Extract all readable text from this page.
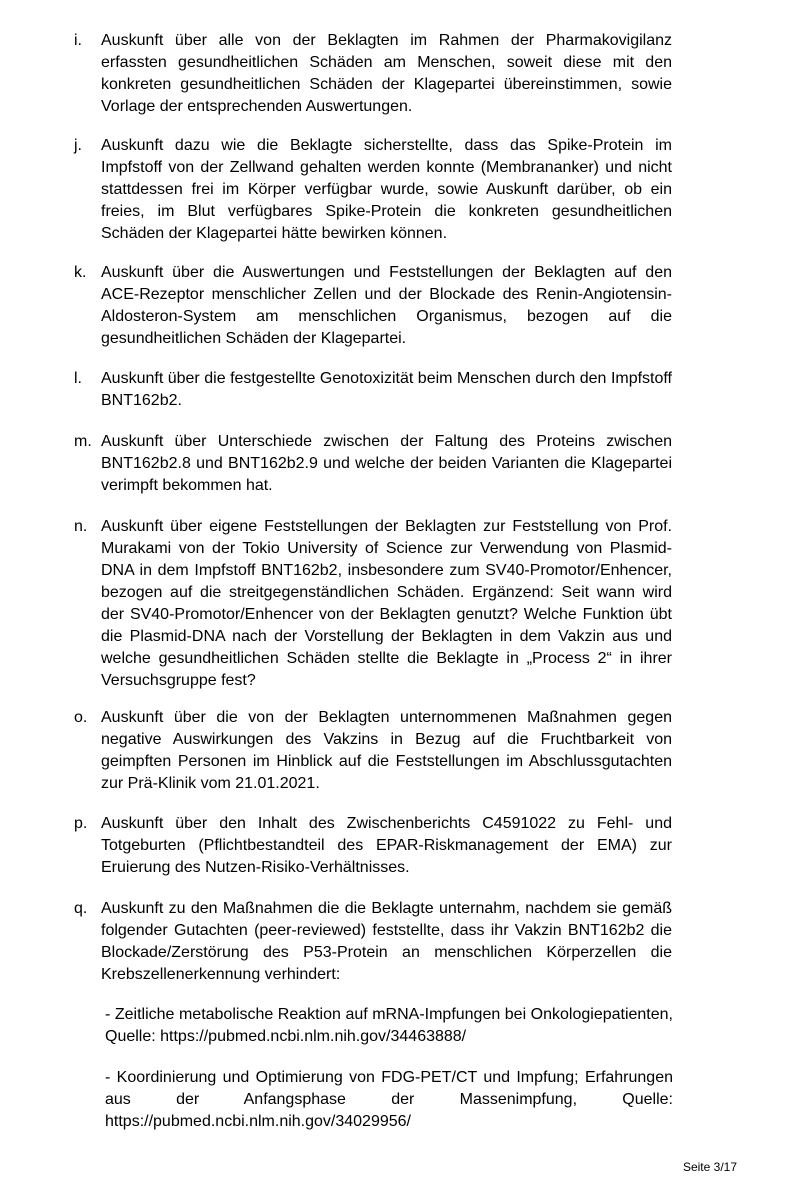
i. Auskunft über alle von der Beklagten im Rahmen der Pharmakovigilanz erfassten gesundheitlichen Schäden am Menschen, soweit diese mit den konkreten gesundheitlichen Schäden der Klagepartei übereinstimmen, sowie Vorlage der entsprechenden Auswertungen.
j. Auskunft dazu wie die Beklagte sicherstellte, dass das Spike-Protein im Impfstoff von der Zellwand gehalten werden konnte (Membrananker) und nicht stattdessen frei im Körper verfügbar wurde, sowie Auskunft darüber, ob ein freies, im Blut verfügbares Spike-Protein die konkreten gesundheitlichen Schäden der Klagepartei hätte bewirken können.
k. Auskunft über die Auswertungen und Feststellungen der Beklagten auf den ACE-Rezeptor menschlicher Zellen und der Blockade des Renin-Angiotensin-Aldosteron-System am menschlichen Organismus, bezogen auf die gesundheitlichen Schäden der Klagepartei.
l. Auskunft über die festgestellte Genotoxizität beim Menschen durch den Impfstoff BNT162b2.
m. Auskunft über Unterschiede zwischen der Faltung des Proteins zwischen BNT162b2.8 und BNT162b2.9 und welche der beiden Varianten die Klagepartei verimpft bekommen hat.
n. Auskunft über eigene Feststellungen der Beklagten zur Feststellung von Prof. Murakami von der Tokio University of Science zur Verwendung von Plasmid-DNA in dem Impfstoff BNT162b2, insbesondere zum SV40-Promotor/Enhencer, bezogen auf die streitgegenständlichen Schäden. Ergänzend: Seit wann wird der SV40-Promotor/Enhencer von der Beklagten genutzt? Welche Funktion übt die Plasmid-DNA nach der Vorstellung der Beklagten in dem Vakzin aus und welche gesundheitlichen Schäden stellte die Beklagte in „Process 2“ in ihrer Versuchsgruppe fest?
o. Auskunft über die von der Beklagten unternommenen Maßnahmen gegen negative Auswirkungen des Vakzins in Bezug auf die Fruchtbarkeit von geimpften Personen im Hinblick auf die Feststellungen im Abschlussgutachten zur Prä-Klinik vom 21.01.2021.
p. Auskunft über den Inhalt des Zwischenberichts C4591022 zu Fehl- und Totgeburten (Pflichtbestandteil des EPAR-Riskmanagement der EMA) zur Eruierung des Nutzen-Risiko-Verhältnisses.
q. Auskunft zu den Maßnahmen die die Beklagte unternahm, nachdem sie gemäß folgender Gutachten (peer-reviewed) feststellte, dass ihr Vakzin BNT162b2 die Blockade/Zerstörung des P53-Protein an menschlichen Körperzellen die Krebszellenerkennung verhindert:
- Zeitliche metabolische Reaktion auf mRNA-Impfungen bei Onkologiepatienten, Quelle: https://pubmed.ncbi.nlm.nih.gov/34463888/
- Koordinierung und Optimierung von FDG-PET/CT und Impfung; Erfahrungen aus der Anfangsphase der Massenimpfung, Quelle: https://pubmed.ncbi.nlm.nih.gov/34029956/
Seite 3/17
